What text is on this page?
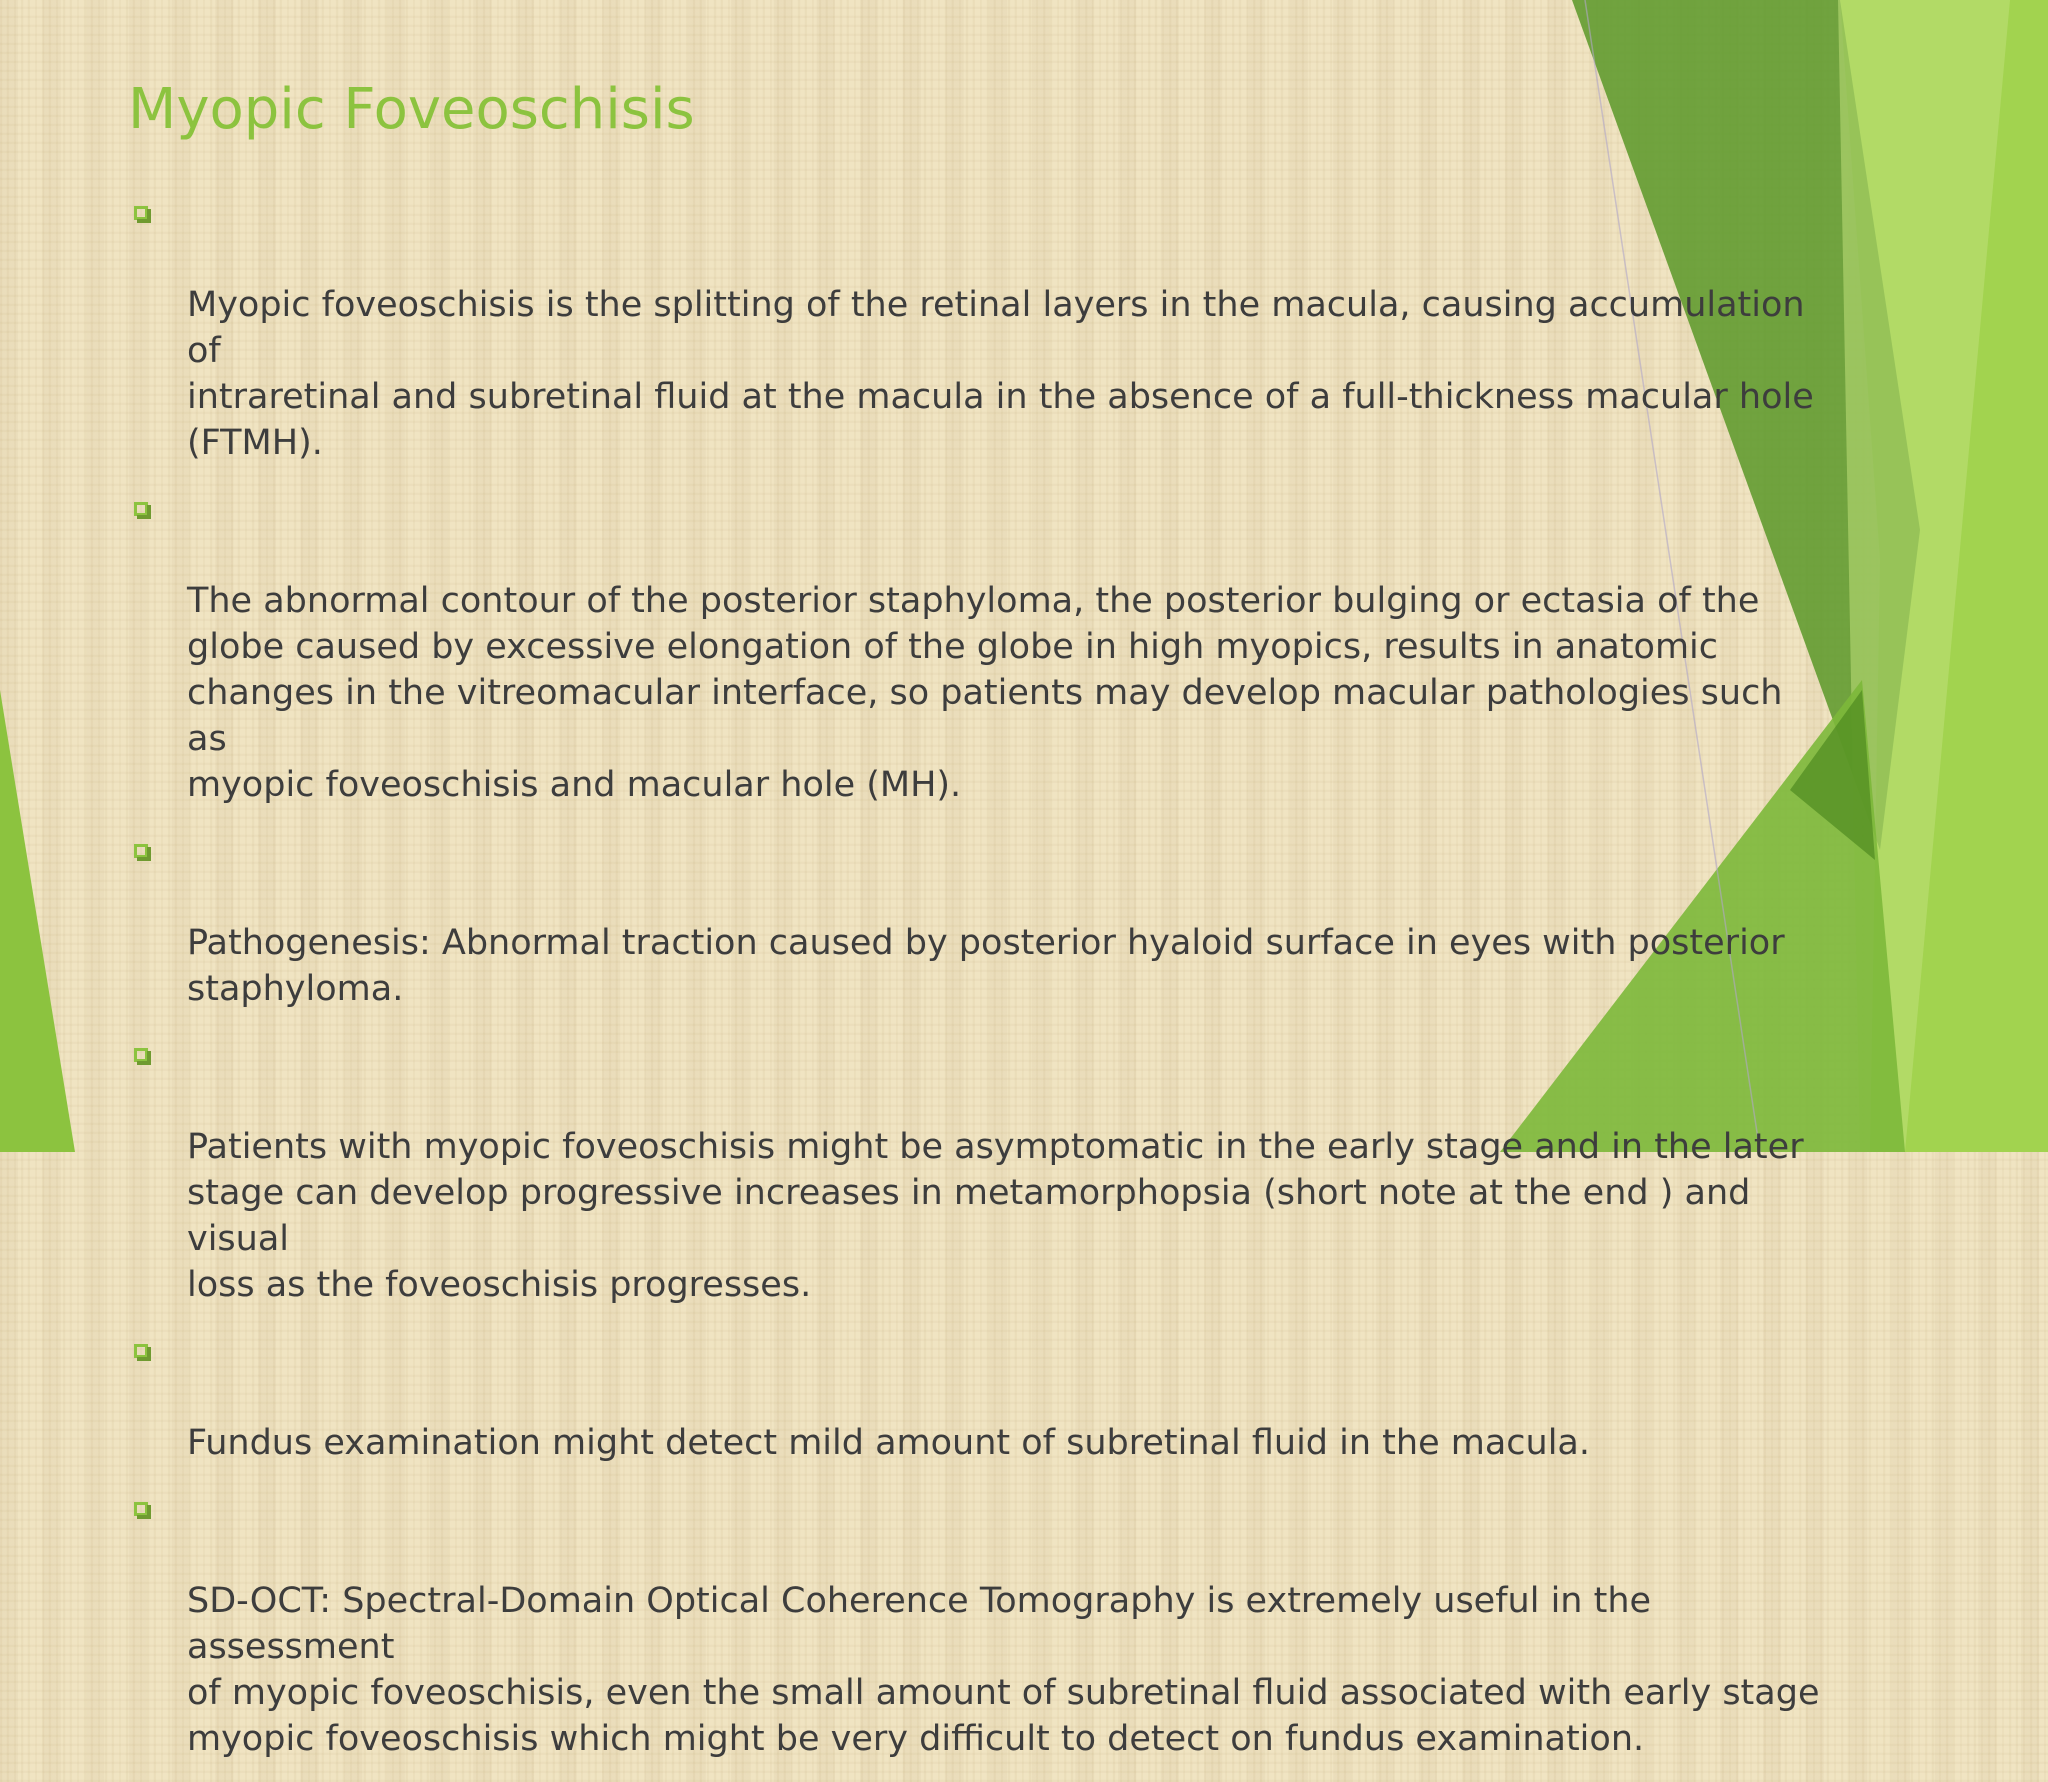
Myopic Foveoschisis

Myopic foveoschisis is the splitting of the retinal layers in the macula, causing accumulation of
intraretinal and subretinal fluid at the macula in the absence of a full-thickness macular hole
(FTMH).

The abnormal contour of the posterior staphyloma, the posterior bulging or ectasia of the
globe caused by excessive elongation of the globe in high myopics, results in anatomic
changes in the vitreomacular interface, so patients may develop macular pathologies such as
myopic foveoschisis and macular hole (MH).

Pathogenesis: Abnormal traction caused by posterior hyaloid surface in eyes with posterior
staphyloma.

Patients with myopic foveoschisis might be asymptomatic in the early stage and in the later
stage can develop progressive increases in metamorphopsia (short note at the end ) and visual
loss as the foveoschisis progresses.

Fundus examination might detect mild amount of subretinal fluid in the macula.

SD-OCT: Spectral-Domain Optical Coherence Tomography is extremely useful in the assessment
of myopic foveoschisis, even the small amount of subretinal fluid associated with early stage
myopic foveoschisis which might be very difficult to detect on fundus examination.
